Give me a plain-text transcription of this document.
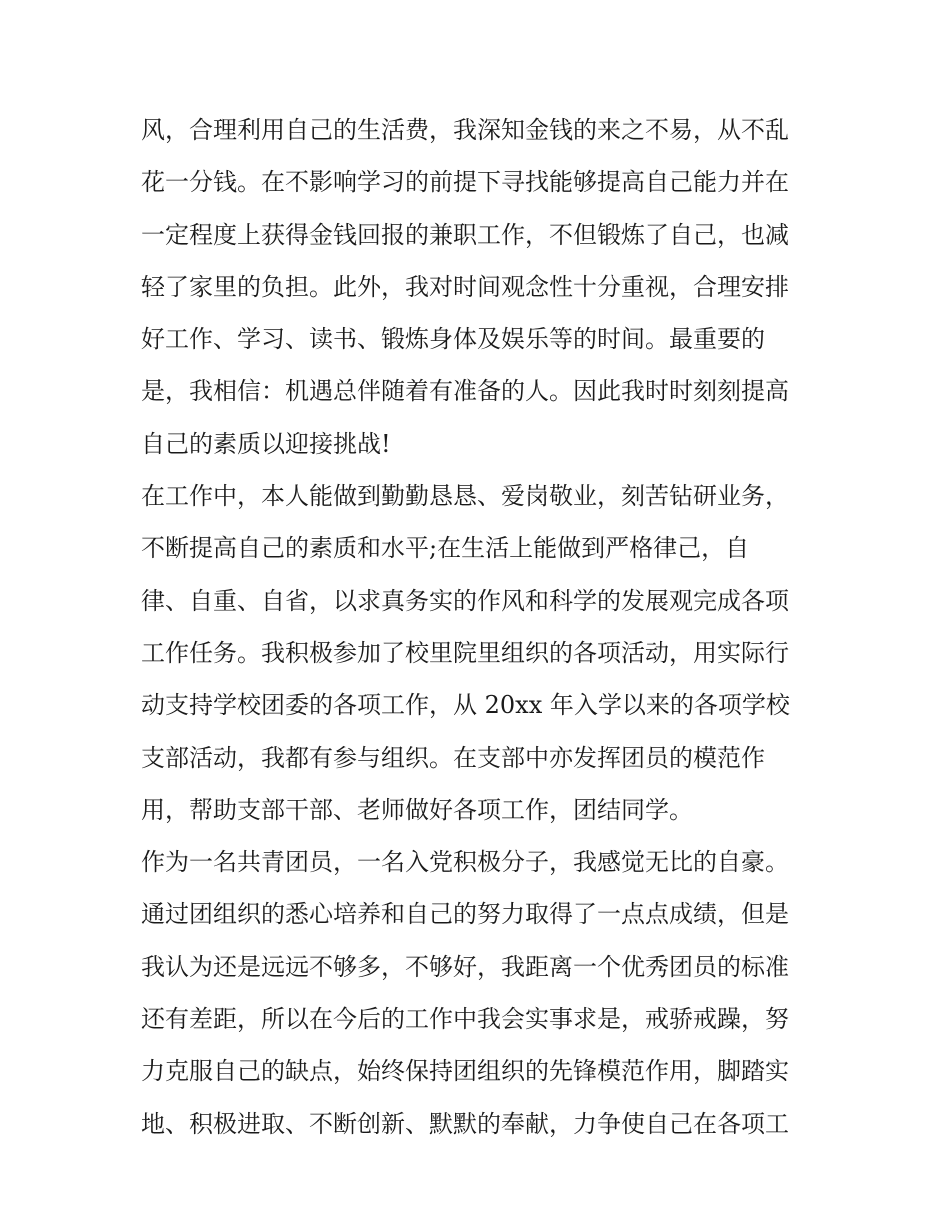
风，合理利用自己的生活费，我深知金钱的来之不易，从不乱
花一分钱。在不影响学习的前提下寻找能够提高自己能力并在
一定程度上获得金钱回报的兼职工作，不但锻炼了自己，也减
轻了家里的负担。此外，我对时间观念性十分重视，合理安排
好工作、学习、读书、锻炼身体及娱乐等的时间。最重要的
是，我相信：机遇总伴随着有准备的人。因此我时时刻刻提高
自己的素质以迎接挑战!
在工作中，本人能做到勤勤恳恳、爱岗敬业，刻苦钻研业务，
不断提高自己的素质和水平;在生活上能做到严格律己，自
律、自重、自省，以求真务实的作风和科学的发展观完成各项
工作任务。我积极参加了校里院里组织的各项活动，用实际行
动支持学校团委的各项工作，从 20xx 年入学以来的各项学校
支部活动，我都有参与组织。在支部中亦发挥团员的模范作
用，帮助支部干部、老师做好各项工作，团结同学。
作为一名共青团员，一名入党积极分子，我感觉无比的自豪。
通过团组织的悉心培养和自己的努力取得了一点点成绩，但是
我认为还是远远不够多，不够好，我距离一个优秀团员的标准
还有差距，所以在今后的工作中我会实事求是，戒骄戒躁，努
力克服自己的缺点，始终保持团组织的先锋模范作用，脚踏实
地、积极进取、不断创新、默默的奉献，力争使自己在各项工
